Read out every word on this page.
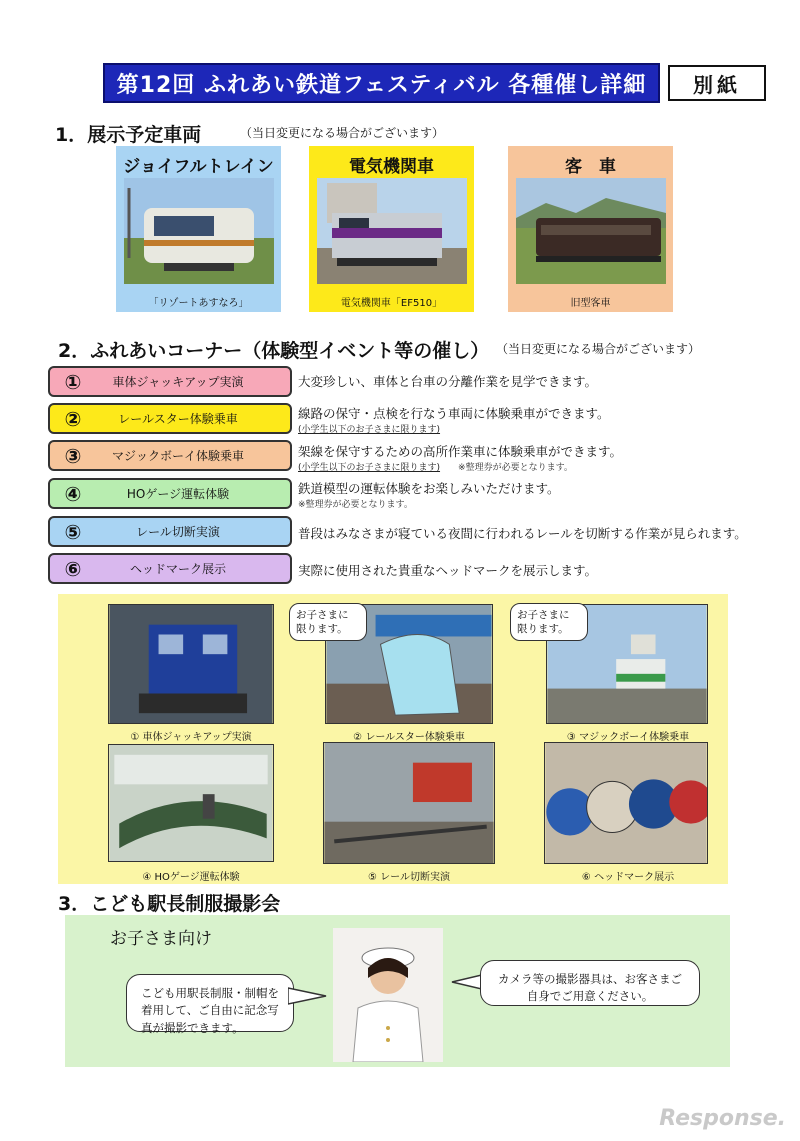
第12回 ふれあい鉄道フェスティバル 各種催し詳細	別紙
1．展示予定車両	（当日変更になる場合がございます）
ジョイフルトレイン
「リゾートあすなろ」
電気機関車
電気機関車「EF510」
客　車
旧型客車
2．ふれあいコーナー（体験型イベント等の催し） （当日変更になる場合がございます）
①	車体ジャッキアップ実演	大変珍しい、車体と台車の分離作業を見学できます。
②	レールスター体験乗車	線路の保守・点検を行なう車両に体験乗車ができます。
(小学生以下のお子さまに限ります)
③	マジックボーイ体験乗車	架線を保守するための高所作業車に体験乗車ができます。
(小学生以下のお子さまに限ります) ※整理券が必要となります。
④	HOゲージ運転体験	鉄道模型の運転体験をお楽しみいただけます。
※整理券が必要となります。
⑤	レール切断実演	普段はみなさまが寝ている夜間に行われるレールを切断する作業が見られます。
⑥	ヘッドマーク展示	実際に使用された貴重なヘッドマークを展示します。
お子さまに
限ります。
お子さまに
限ります。
① 車体ジャッキアップ実演	② レールスター体験乗車	③ マジックボーイ体験乗車
④ HOゲージ運転体験	⑤ レール切断実演	⑥ ヘッドマーク展示
3．こども駅長制服撮影会
お子さま向け
こども用駅長制服・制帽を着用して、ご自由に記念写真が撮影できます。
カメラ等の撮影器具は、お客さまご自身でご用意ください。
Response.
